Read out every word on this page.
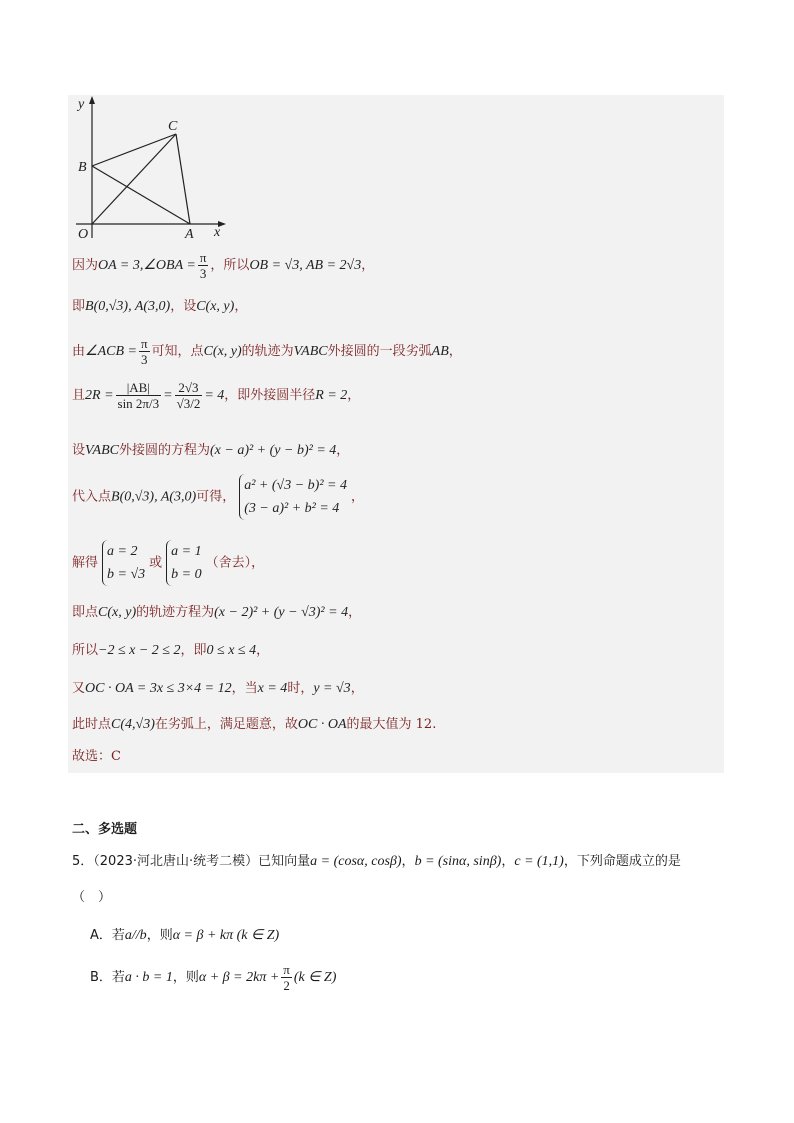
y
x
O	A
B
C
因为OA = 3,∠OBA = $\frac{\pi}{3}$ ，所以OB = √3, AB = 2√3，
即B(0,√3), A(3,0)，设C(x, y)，
由∠ACB = $\frac{\pi}{3}$ 可知，点C(x, y)的轨迹为VABC外接圆的一段劣弧AB，
且$2R = \frac{|AB|}{\sin 2\pi/3} = \frac{2√3}{√3/2} = 4$，即外接圆半径R = 2，
设VABC外接圆的方程为(x − a)² + (y − b)² = 4，
代入点B(0,√3), A(3,0)可得，a² + (√3 − b)² = 4
(3 − a)² + b² = 4，
解得a = 2
b = √3或a = 1
b = 0（舍去），
即点C(x, y)的轨迹方程为(x − 2)² + (y − √3)² = 4，
所以−2 ≤ x − 2 ≤ 2，即0 ≤ x ≤ 4，
又OC · OA = 3x ≤ 3×4 = 12，当x = 4时，y = √3，
此时点C(4,√3)在劣弧上，满足题意，故OC · OA的最大值为 12.
故选：C
二、多选题
5．（2023·河北唐山·统考二模）已知向量a = (cosα, cosβ)，b = (sinα, sinβ)，c = (1,1)，下列命题成立的是
（　）
A．若a//b，则α = β + kπ (k ∈ Z)
B．若a · b = 1，则$\alpha + \beta = 2k\pi + \frac{\pi}{2} (k$ ∈ Z)
